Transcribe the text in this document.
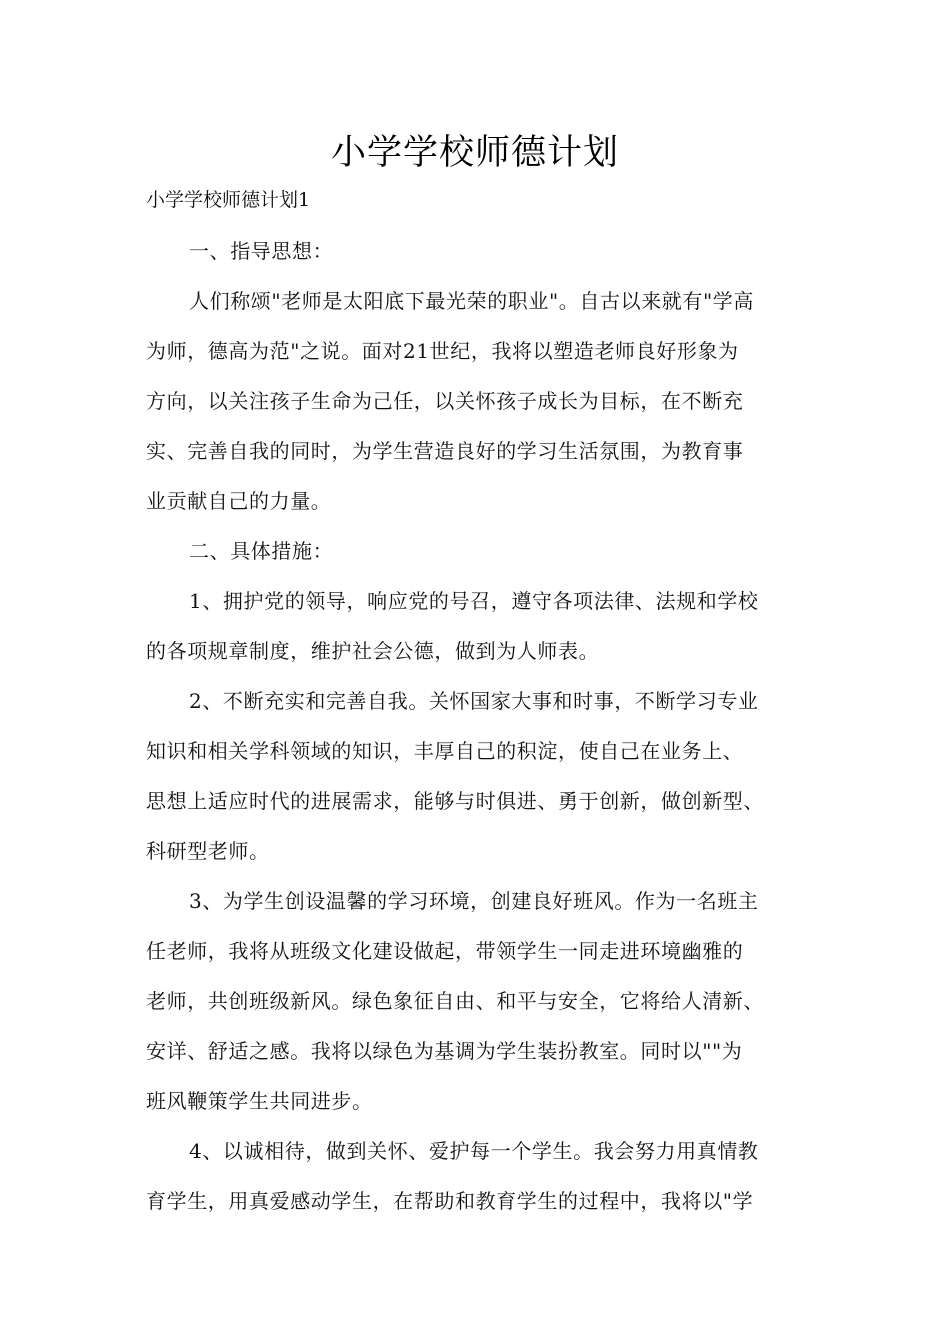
小学学校师德计划
小学学校师德计划1
一、指导思想：
人们称颂"老师是太阳底下最光荣的职业"。自古以来就有"学高
为师，德高为范"之说。面对21世纪，我将以塑造老师良好形象为
方向，以关注孩子生命为己任，以关怀孩子成长为目标，在不断充
实、完善自我的同时，为学生营造良好的学习生活氛围，为教育事
业贡献自己的力量。
二、具体措施：
1、拥护党的领导，响应党的号召，遵守各项法律、法规和学校
的各项规章制度，维护社会公德，做到为人师表。
2、不断充实和完善自我。关怀国家大事和时事，不断学习专业
知识和相关学科领域的知识，丰厚自己的积淀，使自己在业务上、
思想上适应时代的进展需求，能够与时俱进、勇于创新，做创新型、
科研型老师。
3、为学生创设温馨的学习环境，创建良好班风。作为一名班主
任老师，我将从班级文化建设做起，带领学生一同走进环境幽雅的
老师，共创班级新风。绿色象征自由、和平与安全，它将给人清新、
安详、舒适之感。我将以绿色为基调为学生装扮教室。同时以""为
班风鞭策学生共同进步。
4、以诚相待，做到关怀、爱护每一个学生。我会努力用真情教
育学生，用真爱感动学生，在帮助和教育学生的过程中，我将以"学
